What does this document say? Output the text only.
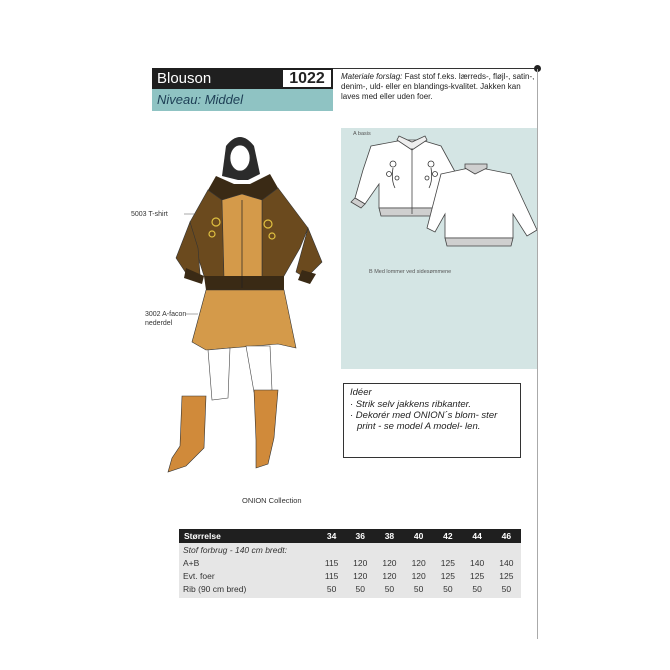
Blouson	1022
Niveau: Middel
Materiale forslag: Fast stof f.eks. lærreds-, fløjl-, satin-, denim-, uld- eller en blandings-kvalitet. Jakken kan laves med eller uden foer.
A basis
B Med lommer ved sidesømmene
5003 T-shirt
3002 A-facon
nederdel
Idéer
· Strik selv jakkens ribkanter.
· Dekorér med ONION´s blom- ster print - se model A model- len.
ONION Collection
Størrelse	34	36	38	40	42	44	46
Stof forbrug - 140 cm bredt:							
A+B	115	120	120	120	125	140	140
Evt. foer	115	120	120	120	125	125	125
Rib (90 cm bred)	50	50	50	50	50	50	50
